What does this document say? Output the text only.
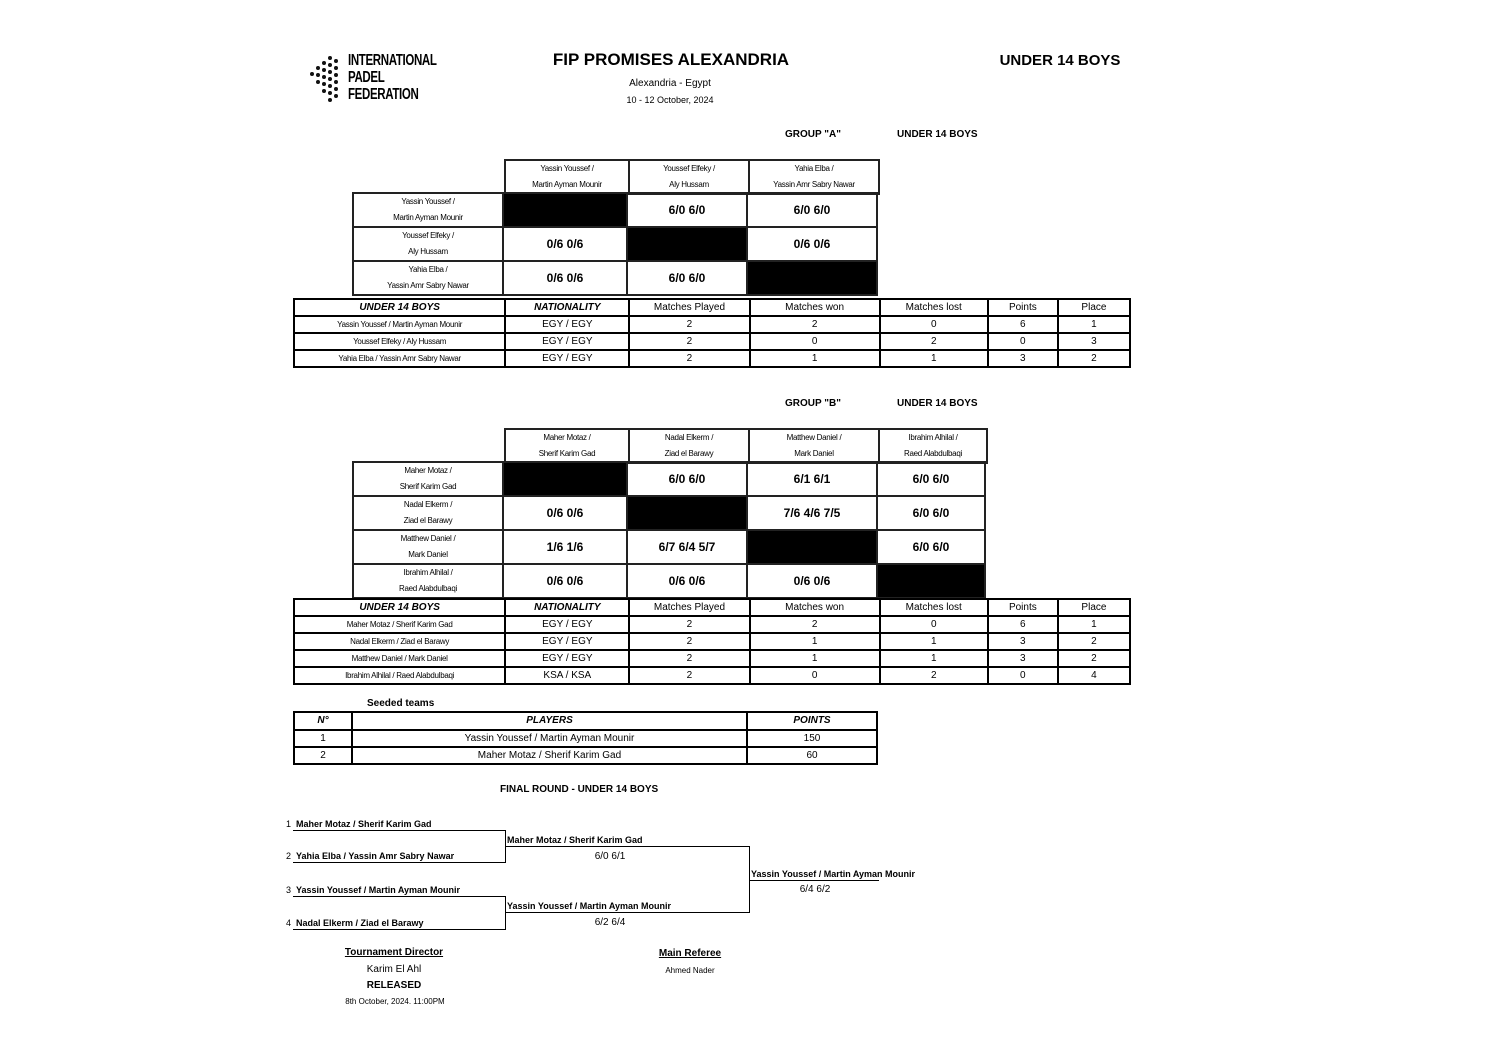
INTERNATIONAL
PADEL
FEDERATION
FIP PROMISES ALEXANDRIA
Alexandria - Egypt
10 - 12 October, 2024
UNDER 14 BOYS
GROUP "A"	UNDER 14 BOYS
Yassin Youssef /
Martin Ayman Mounir

Youssef Elfeky /
Aly Hussam

Yahia Elba /
Yassin Amr Sabry Nawar
Yassin Youssef /
Martin Ayman Mounir		6/0 6/0	6/0 6/0

Youssef Elfeky /
Aly Hussam	0/6 0/6		0/6 0/6

Yahia Elba /
Yassin Amr Sabry Nawar	0/6 0/6	6/0 6/0	
UNDER 14 BOYS	NATIONALITY	Matches Played	Matches won	Matches lost	Points	Place
Yassin Youssef / Martin Ayman Mounir	EGY / EGY	2	2	0	6	1
Youssef Elfeky / Aly Hussam	EGY / EGY	2	0	2	0	3
Yahia Elba / Yassin Amr Sabry Nawar	EGY / EGY	2	1	1	3	2
GROUP "B"	UNDER 14 BOYS
Maher Motaz /
Sherif Karim Gad

Nadal Elkerm /
Ziad el Barawy

Matthew Daniel /
Mark Daniel

Ibrahim Alhilal /
Raed Alabdulbaqi
Maher Motaz /
Sherif Karim Gad		6/0 6/0	6/1 6/1	6/0 6/0

Nadal Elkerm /
Ziad el Barawy	0/6 0/6		7/6 4/6 7/5	6/0 6/0

Matthew Daniel /
Mark Daniel	1/6 1/6	6/7 6/4 5/7		6/0 6/0

Ibrahim Alhilal /
Raed Alabdulbaqi	0/6 0/6	0/6 0/6	0/6 0/6	
UNDER 14 BOYS	NATIONALITY	Matches Played	Matches won	Matches lost	Points	Place
Maher Motaz / Sherif Karim Gad	EGY / EGY	2	2	0	6	1
Nadal Elkerm / Ziad el Barawy	EGY / EGY	2	1	1	3	2
Matthew Daniel / Mark Daniel	EGY / EGY	2	1	1	3	2
Ibrahim Alhilal / Raed Alabdulbaqi	KSA / KSA	2	0	2	0	4
Seeded teams
N°	PLAYERS	POINTS
1	Yassin Youssef / Martin Ayman Mounir	150
2	Maher Motaz / Sherif Karim Gad	60
FINAL ROUND - UNDER 14 BOYS
1 Maher Motaz / Sherif Karim Gad
2 Yahia Elba / Yassin Amr Sabry Nawar
Maher Motaz / Sherif Karim Gad
6/0 6/1
3 Yassin Youssef / Martin Ayman Mounir
4 Nadal Elkerm / Ziad el Barawy
Yassin Youssef / Martin Ayman Mounir
6/2 6/4
Yassin Youssef / Martin Ayman Mounir
6/4 6/2
Tournament Director
Karim El Ahl
RELEASED
8th October, 2024. 11:00PM
Main Referee
Ahmed Nader
